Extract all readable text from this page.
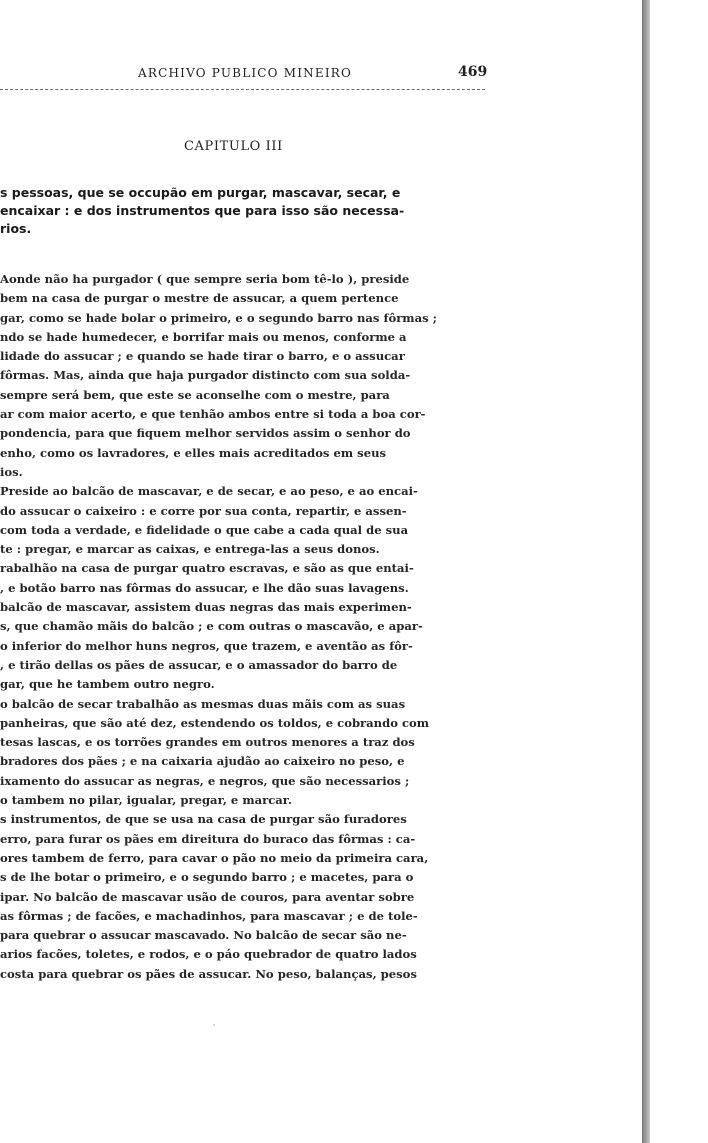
ARCHIVO PUBLICO MINEIRO	469
CAPITULO III
s pessoas, que se occupão em purgar, mascavar, secar, e
encaixar : e dos instrumentos que para isso são necessa-
rios.
Aonde não ha purgador ( que sempre seria bom tê-lo ), preside
bem na casa de purgar o mestre de assucar, a quem pertence
gar, como se hade bolar o primeiro, e o segundo barro nas fôrmas ;
ndo se hade humedecer, e borrifar mais ou menos, conforme a
lidade do assucar ; e quando se hade tirar o barro, e o assucar
fôrmas. Mas, ainda que haja purgador distincto com sua solda-
sempre será bem, que este se aconselhe com o mestre, para
ar com maior acerto, e que tenhão ambos entre si toda a boa cor-
pondencia, para que fiquem melhor servidos assim o senhor do
enho, como os lavradores, e elles mais acreditados em seus
ios.
Preside ao balcão de mascavar, e de secar, e ao peso, e ao encai-
do assucar o caixeiro : e corre por sua conta, repartir, e assen-
com toda a verdade, e fidelidade o que cabe a cada qual de sua
te : pregar, e marcar as caixas, e entrega-las a seus donos.
rabalhão na casa de purgar quatro escravas, e são as que entai-
, e botão barro nas fôrmas do assucar, e lhe dão suas lavagens.
balcão de mascavar, assistem duas negras das mais experimen-
s, que chamão mãis do balcão ; e com outras o mascavão, e apar-
o inferior do melhor huns negros, que trazem, e aventão as fôr-
, e tirão dellas os pães de assucar, e o amassador do barro de
gar, que he tambem outro negro.
o balcão de secar trabalhão as mesmas duas mãis com as suas
panheiras, que são até dez, estendendo os toldos, e cobrando com
tesas lascas, e os torrões grandes em outros menores a traz dos
bradores dos pães ; e na caixaria ajudão ao caixeiro no peso, e
ixamento do assucar as negras, e negros, que são necessarios ;
o tambem no pilar, igualar, pregar, e marcar.
s instrumentos, de que se usa na casa de purgar são furadores
erro, para furar os pães em direitura do buraco das fôrmas : ca-
ores tambem de ferro, para cavar o pão no meio da primeira cara,
s de lhe botar o primeiro, e o segundo barro ; e macetes, para o
ipar. No balcão de mascavar usão de couros, para aventar sobre
as fôrmas ; de facões, e machadinhos, para mascavar ; e de tole-
para quebrar o assucar mascavado. No balcão de secar são ne-
arios facões, toletes, e rodos, e o páo quebrador de quatro lados
costa para quebrar os pães de assucar. No peso, balanças, pesos
